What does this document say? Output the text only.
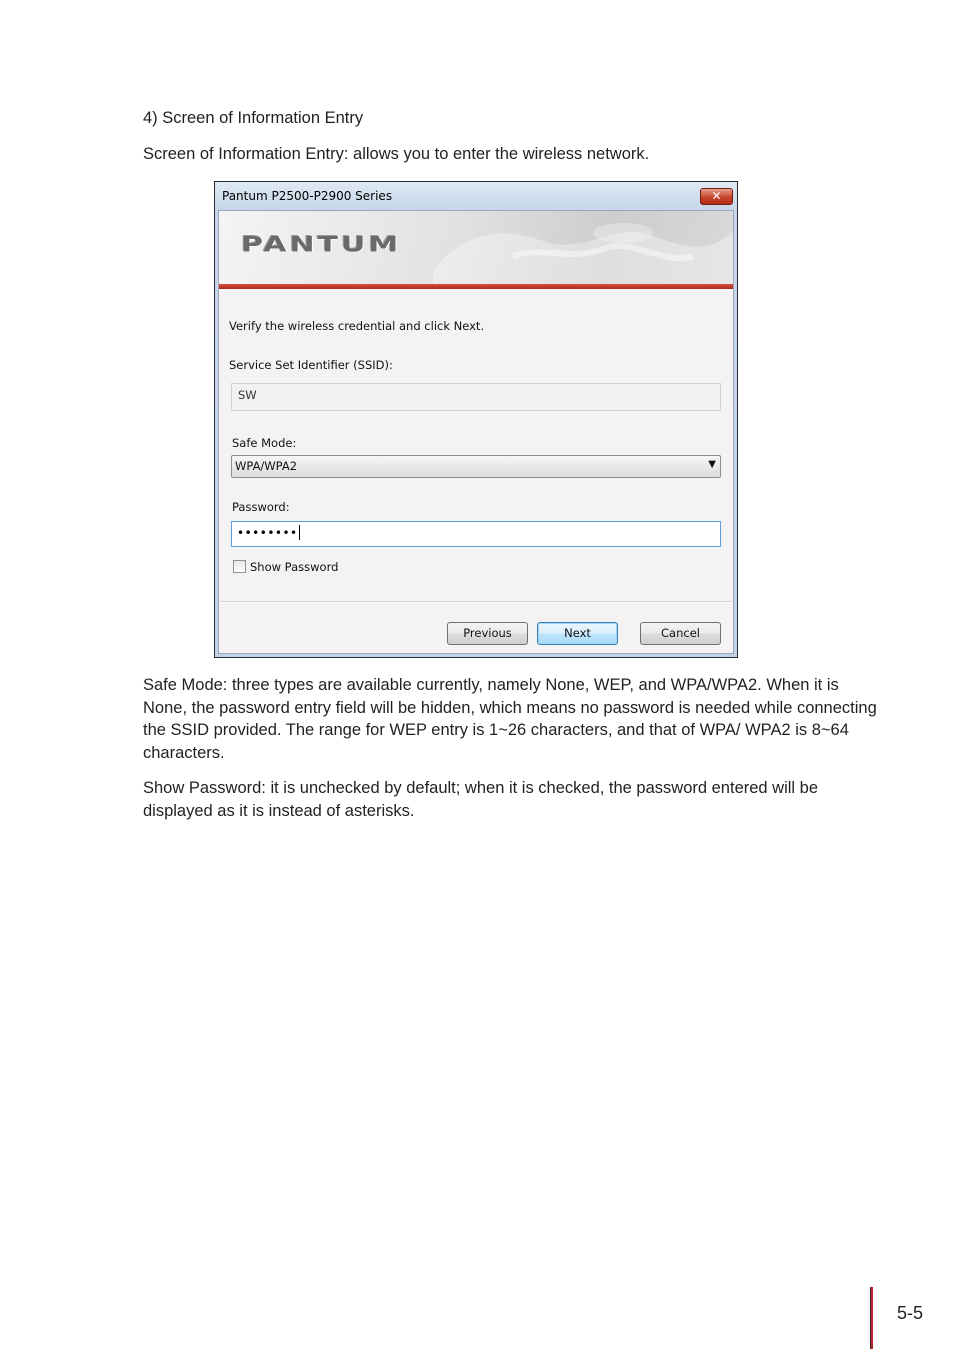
4) Screen of Information Entry

Screen of Information Entry: allows you to enter the wireless network.

Pantum P2500-P2900 Series	✕
PANTUM
Verify the wireless credential and click Next.
Service Set Identifier (SSID):
SW
Safe Mode:
WPA/WPA2	▼
Password:
••••••••
Show Password
Previous	Next	Cancel

Safe Mode: three types are available currently, namely None, WEP, and WPA/WPA2. When it is None, the password entry field will be hidden, which means no password is needed while connecting the SSID provided. The range for WEP entry is 1~26 characters, and that of WPA/ WPA2 is 8~64 characters.

Show Password: it is unchecked by default; when it is checked, the password entered will be displayed as it is instead of asterisks.

5-5
